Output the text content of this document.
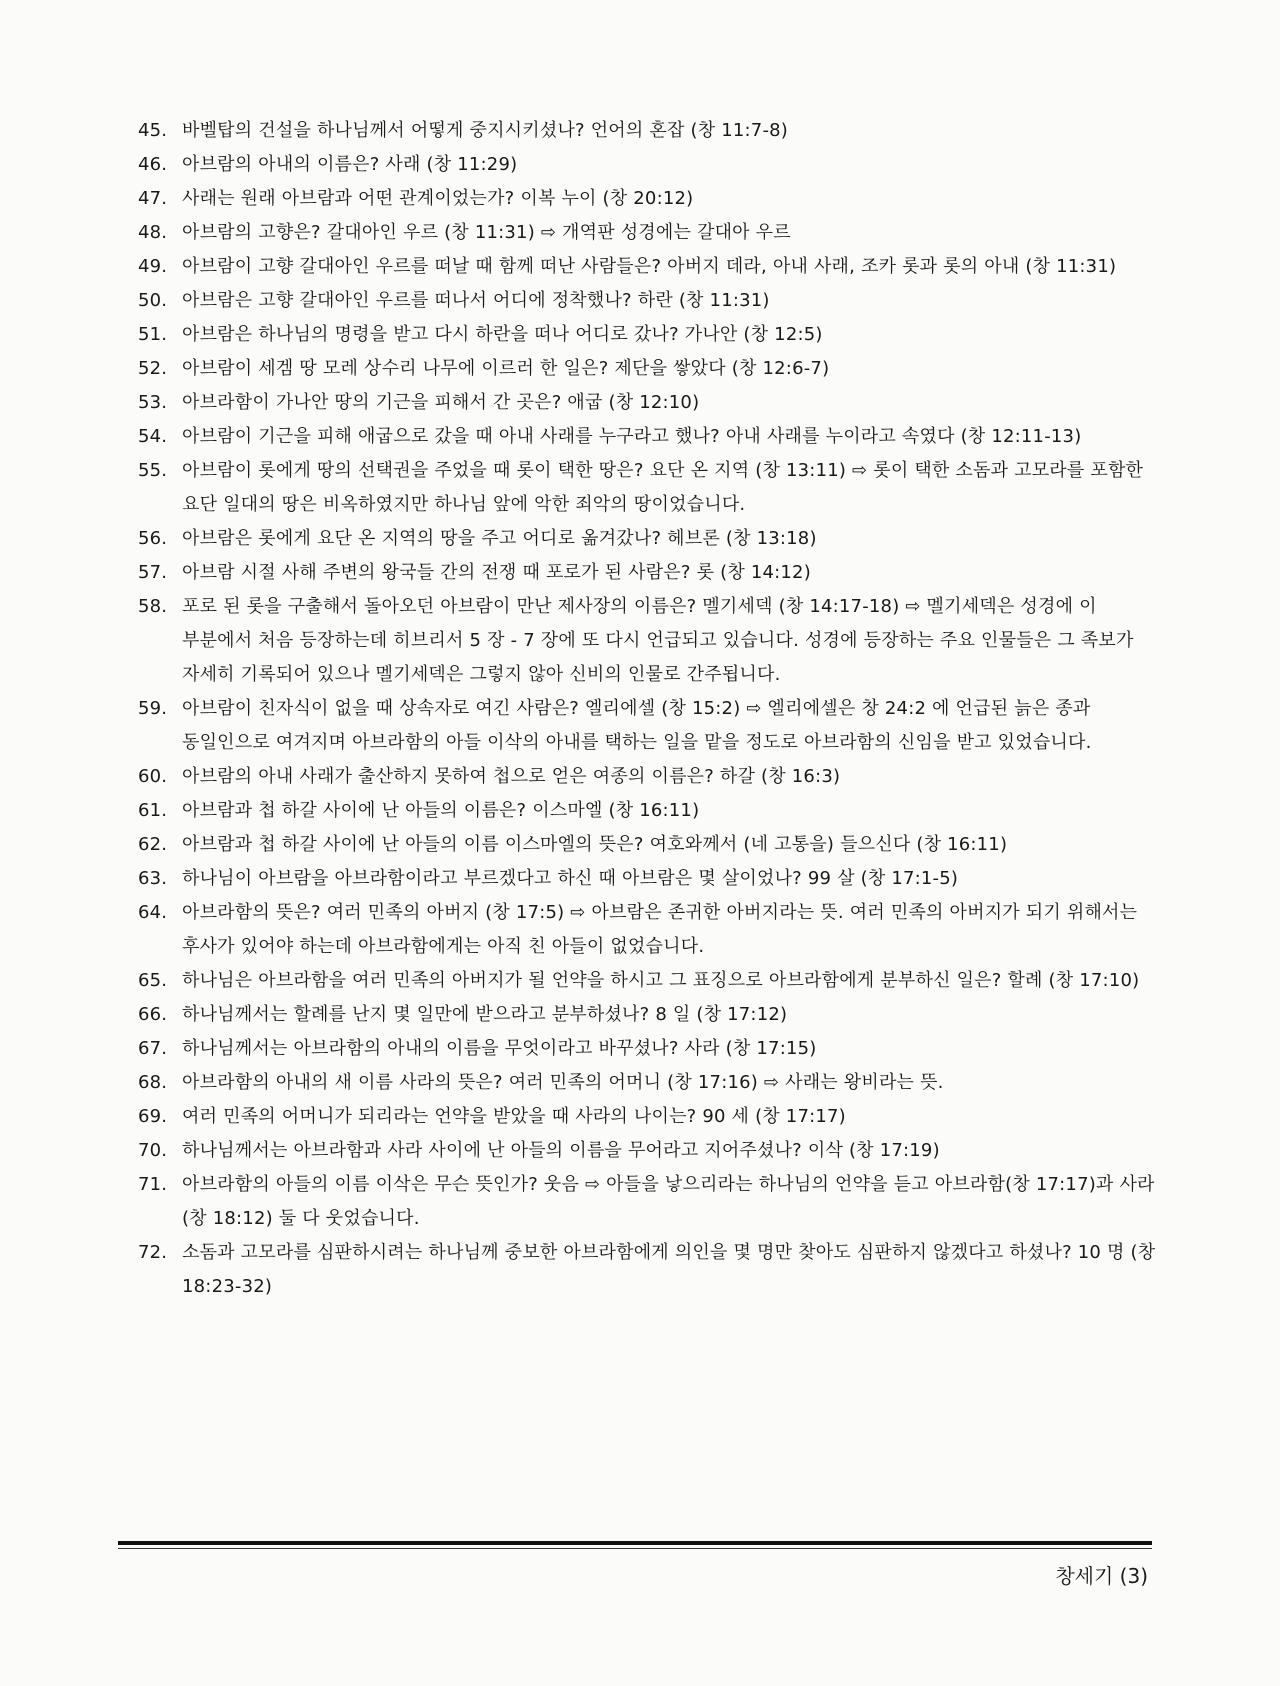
45. 바벨탑의 건설을 하나님께서 어떻게 중지시키셨나? 언어의 혼잡 (창 11:7-8)
46. 아브람의 아내의 이름은? 사래 (창 11:29)
47. 사래는 원래 아브람과 어떤 관계이었는가? 이복 누이 (창 20:12)
48. 아브람의 고향은? 갈대아인 우르 (창 11:31) ⇨ 개역판 성경에는 갈대아 우르
49. 아브람이 고향 갈대아인 우르를 떠날 때 함께 떠난 사람들은? 아버지 데라, 아내 사래, 조카 롯과 롯의 아내 (창 11:31)
50. 아브람은 고향 갈대아인 우르를 떠나서 어디에 정착했나? 하란 (창 11:31)
51. 아브람은 하나님의 명령을 받고 다시 하란을 떠나 어디로 갔나? 가나안 (창 12:5)
52. 아브람이 세겜 땅 모레 상수리 나무에 이르러 한 일은? 제단을 쌓았다 (창 12:6-7)
53. 아브라함이 가나안 땅의 기근을 피해서 간 곳은? 애굽 (창 12:10)
54. 아브람이 기근을 피해 애굽으로 갔을 때 아내 사래를 누구라고 했나? 아내 사래를 누이라고 속였다 (창 12:11-13)
55. 아브람이 롯에게 땅의 선택권을 주었을 때 롯이 택한 땅은? 요단 온 지역 (창 13:11) ⇨ 롯이 택한 소돔과 고모라를 포함한 요단 일대의 땅은 비옥하였지만 하나님 앞에 악한 죄악의 땅이었습니다.
56. 아브람은 롯에게 요단 온 지역의 땅을 주고 어디로 옮겨갔나? 헤브론 (창 13:18)
57. 아브람 시절 사해 주변의 왕국들 간의 전쟁 때 포로가 된 사람은? 롯 (창 14:12)
58. 포로 된 롯을 구출해서 돌아오던 아브람이 만난 제사장의 이름은? 멜기세덱 (창 14:17-18) ⇨ 멜기세덱은 성경에 이 부분에서 처음 등장하는데 히브리서 5 장 - 7 장에 또 다시 언급되고 있습니다. 성경에 등장하는 주요 인물들은 그 족보가 자세히 기록되어 있으나 멜기세덱은 그렇지 않아 신비의 인물로 간주됩니다.
59. 아브람이 친자식이 없을 때 상속자로 여긴 사람은? 엘리에셀 (창 15:2) ⇨ 엘리에셀은 창 24:2 에 언급된 늙은 종과 동일인으로 여겨지며 아브라함의 아들 이삭의 아내를 택하는 일을 맡을 정도로 아브라함의 신임을 받고 있었습니다.
60. 아브람의 아내 사래가 출산하지 못하여 첩으로 얻은 여종의 이름은? 하갈 (창 16:3)
61. 아브람과 첩 하갈 사이에 난 아들의 이름은? 이스마엘 (창 16:11)
62. 아브람과 첩 하갈 사이에 난 아들의 이름 이스마엘의 뜻은? 여호와께서 (네 고통을) 들으신다 (창 16:11)
63. 하나님이 아브람을 아브라함이라고 부르겠다고 하신 때 아브람은 몇 살이었나? 99 살 (창 17:1-5)
64. 아브라함의 뜻은? 여러 민족의 아버지 (창 17:5) ⇨ 아브람은 존귀한 아버지라는 뜻. 여러 민족의 아버지가 되기 위해서는 후사가 있어야 하는데 아브라함에게는 아직 친 아들이 없었습니다.
65. 하나님은 아브라함을 여러 민족의 아버지가 될 언약을 하시고 그 표징으로 아브라함에게 분부하신 일은? 할례 (창 17:10)
66. 하나님께서는 할례를 난지 몇 일만에 받으라고 분부하셨나? 8 일 (창 17:12)
67. 하나님께서는 아브라함의 아내의 이름을 무엇이라고 바꾸셨나? 사라 (창 17:15)
68. 아브라함의 아내의 새 이름 사라의 뜻은? 여러 민족의 어머니 (창 17:16) ⇨ 사래는 왕비라는 뜻.
69. 여러 민족의 어머니가 되리라는 언약을 받았을 때 사라의 나이는? 90 세 (창 17:17)
70. 하나님께서는 아브라함과 사라 사이에 난 아들의 이름을 무어라고 지어주셨나? 이삭 (창 17:19)
71. 아브라함의 아들의 이름 이삭은 무슨 뜻인가? 웃음 ⇨ 아들을 낳으리라는 하나님의 언약을 듣고 아브라함(창 17:17)과 사라(창 18:12) 둘 다 웃었습니다.
72. 소돔과 고모라를 심판하시려는 하나님께 중보한 아브라함에게 의인을 몇 명만 찾아도 심판하지 않겠다고 하셨나? 10 명 (창 18:23-32)
창세기 (3)
